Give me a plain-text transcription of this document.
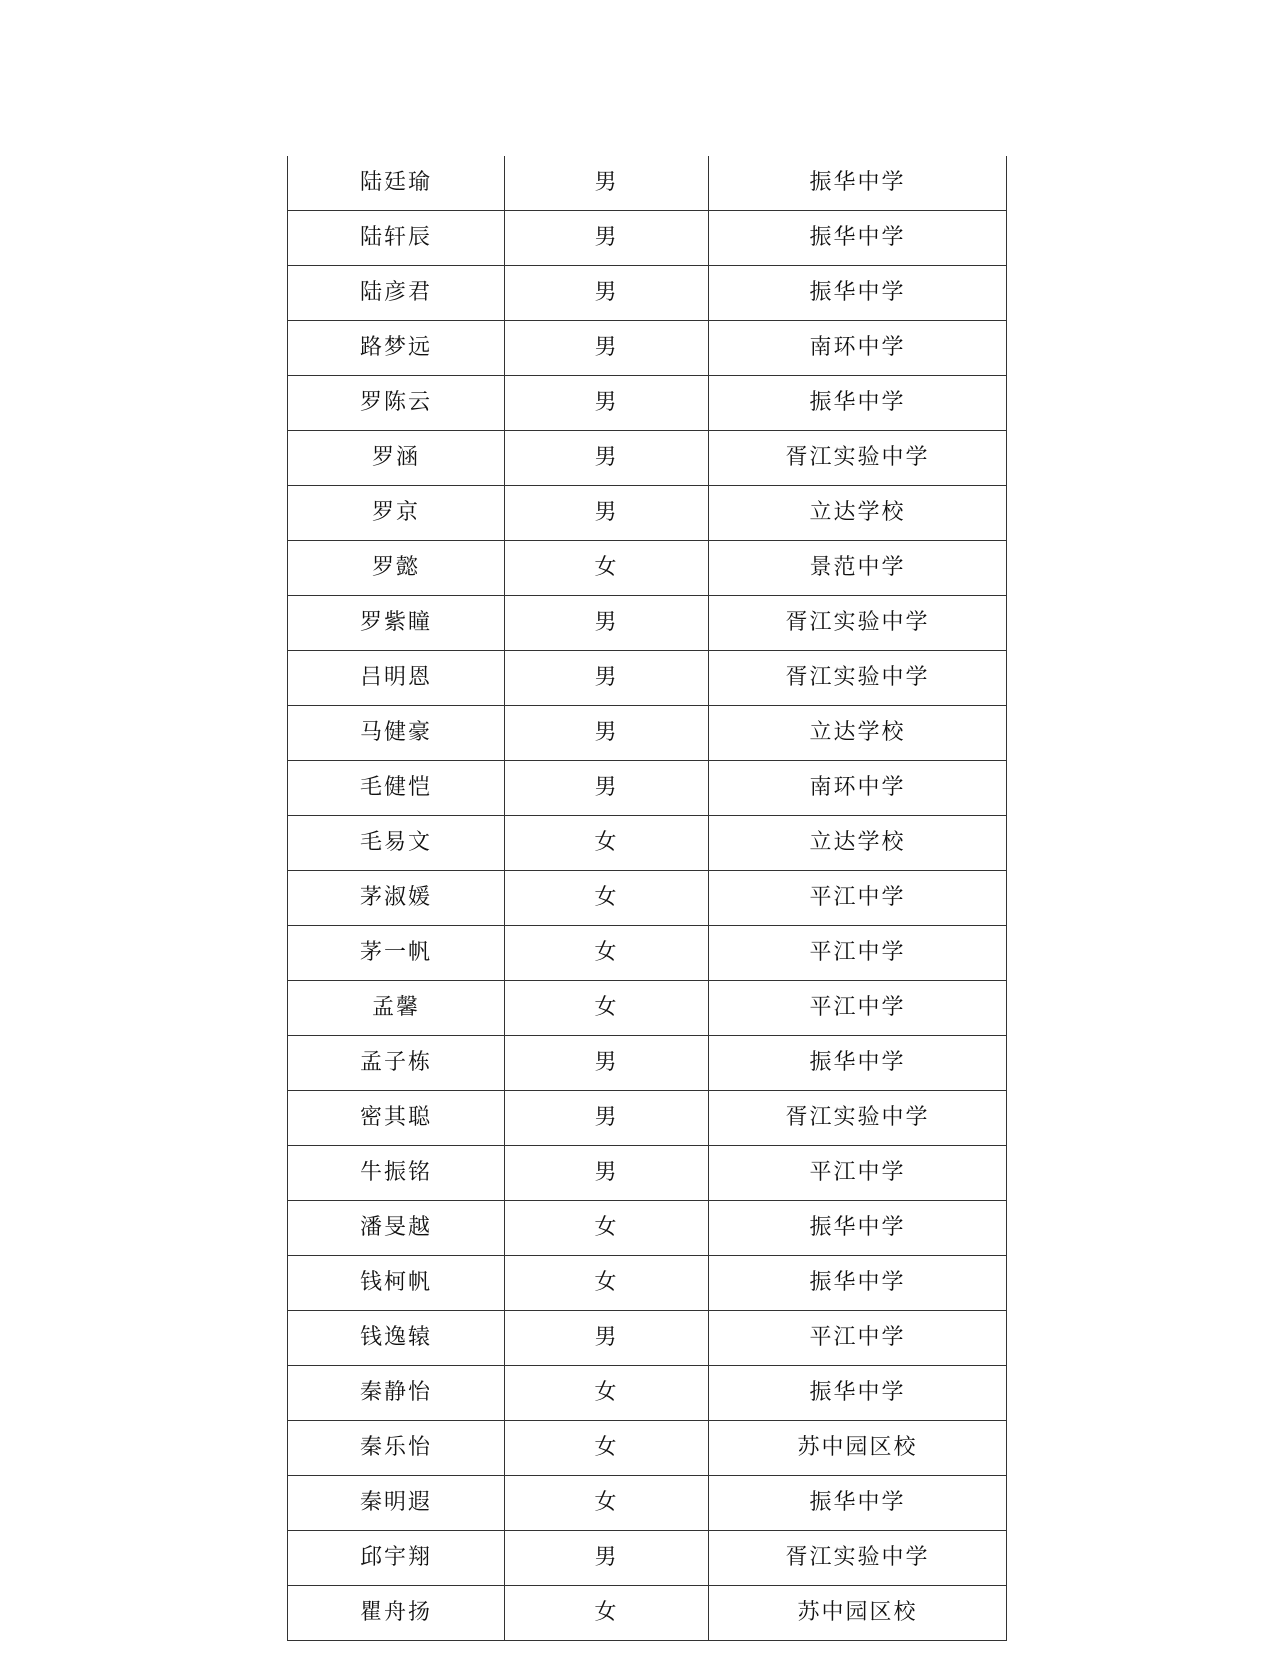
陆廷瑜	男	振华中学
陆轩辰	男	振华中学
陆彦君	男	振华中学
路梦远	男	南环中学
罗陈云	男	振华中学
罗涵	男	胥江实验中学
罗京	男	立达学校
罗懿	女	景范中学
罗紫瞳	男	胥江实验中学
吕明恩	男	胥江实验中学
马健豪	男	立达学校
毛健恺	男	南环中学
毛易文	女	立达学校
茅淑媛	女	平江中学
茅一帆	女	平江中学
孟馨	女	平江中学
孟子栋	男	振华中学
密其聪	男	胥江实验中学
牛振铭	男	平江中学
潘旻越	女	振华中学
钱柯帆	女	振华中学
钱逸辕	男	平江中学
秦静怡	女	振华中学
秦乐怡	女	苏中园区校
秦明遐	女	振华中学
邱宇翔	男	胥江实验中学
瞿舟扬	女	苏中园区校
